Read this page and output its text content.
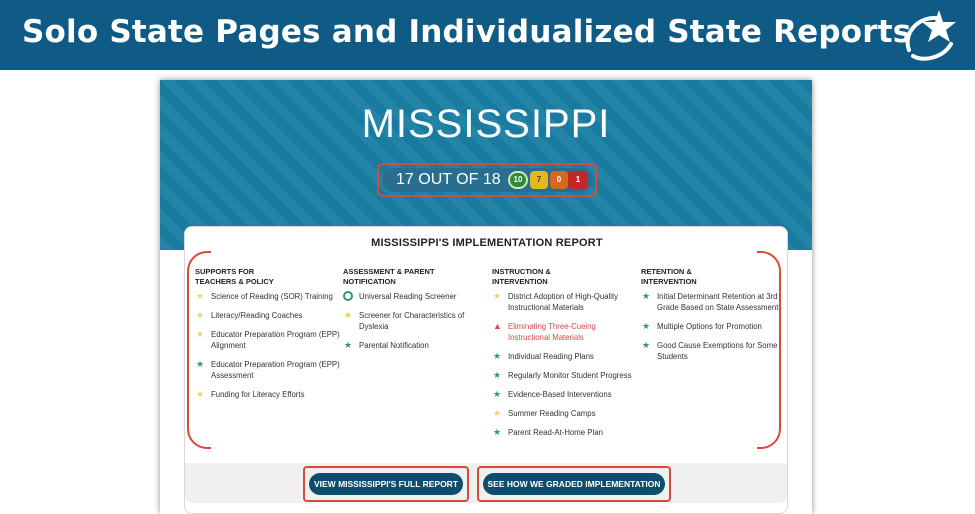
Solo State Pages and Individualized State Reports
MISSISSIPPI
17 OUT OF 18	10	7	0	1
MISSISSIPPI'S IMPLEMENTATION REPORT
SUPPORTS FOR
TEACHERS & POLICY
★ Science of Reading (SOR) Training
★ Literacy/Reading Coaches
★ Educator Preparation Program (EPP) Alignment
★ Educator Preparation Program (EPP) Assessment
★ Funding for Literacy Efforts
ASSESSMENT & PARENT
NOTIFICATION
Universal Reading Screener
★ Screener for Characteristics of Dyslexia
★ Parental Notification
INSTRUCTION &
INTERVENTION
★ District Adoption of High-Quality Instructional Materials
▲ Eliminating Three-Cueing Instructional Materials
★ Individual Reading Plans
★ Regularly Monitor Student Progress
★ Evidence-Based Interventions
★ Summer Reading Camps
★ Parent Read-At-Home Plan
RETENTION &
INTERVENTION
★ Initial Determinant Retention at 3rd Grade Based on State Assessment
★ Multiple Options for Promotion
★ Good Cause Exemptions for Some Students
VIEW MISSISSIPPI'S FULL REPORT	SEE HOW WE GRADED IMPLEMENTATION
